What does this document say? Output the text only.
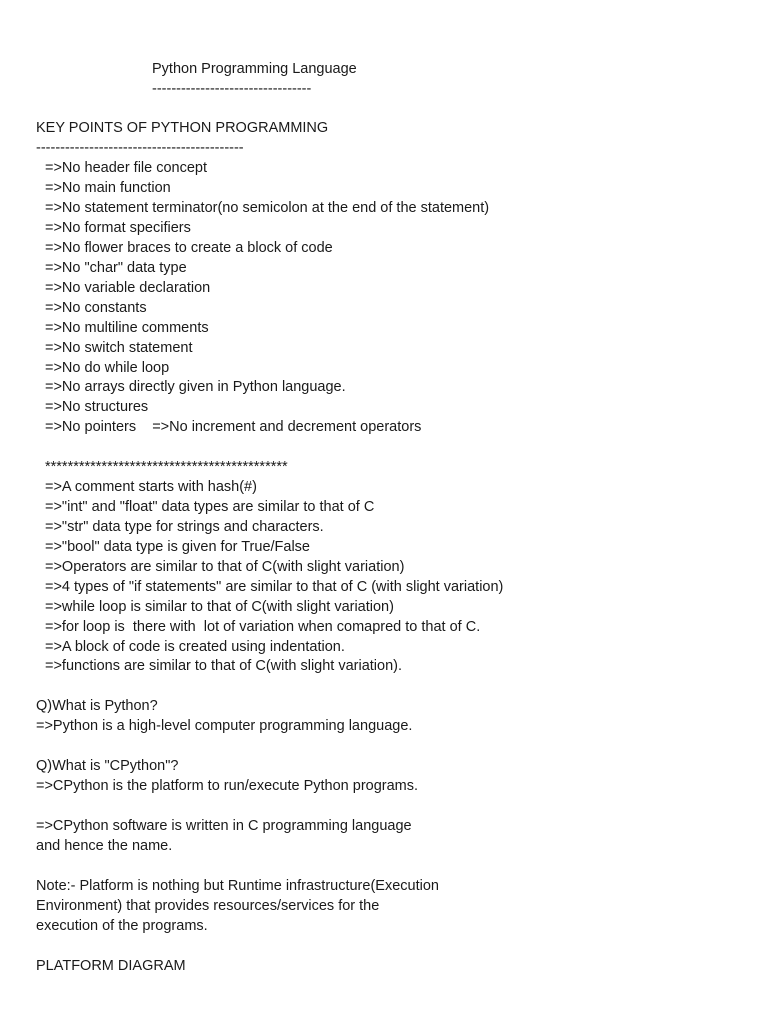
Python Programming Language
---------------------------------
KEY POINTS OF PYTHON PROGRAMMING
-------------------------------------------
=>No header file concept
=>No main function
=>No statement terminator(no semicolon at the end of the statement)
=>No format specifiers
=>No flower braces to create a block of code
=>No "char" data type
=>No variable declaration
=>No constants
=>No multiline comments
=>No switch statement
=>No do while loop
=>No arrays directly given in Python language.
=>No structures
=>No pointers    =>No increment and decrement operators
*******************************************
=>A comment starts with hash(#)
=>"int" and "float" data types are similar to that of C
=>"str" data type for strings and characters.
=>"bool" data type is given for True/False
=>Operators are similar to that of C(with slight variation)
=>4 types of "if statements" are similar to that of C (with slight variation)
=>while loop is similar to that of C(with slight variation)
=>for loop is  there with  lot of variation when comapred to that of C.
=>A block of code is created using indentation.
=>functions are similar to that of C(with slight variation).
Q)What is Python?
=>Python is a high-level computer programming language.
Q)What is "CPython"?
=>CPython is the platform to run/execute Python programs.
=>CPython software is written in C programming language
and hence the name.
Note:- Platform is nothing but Runtime infrastructure(Execution
Environment) that provides resources/services for the
execution of the programs.
PLATFORM DIAGRAM
